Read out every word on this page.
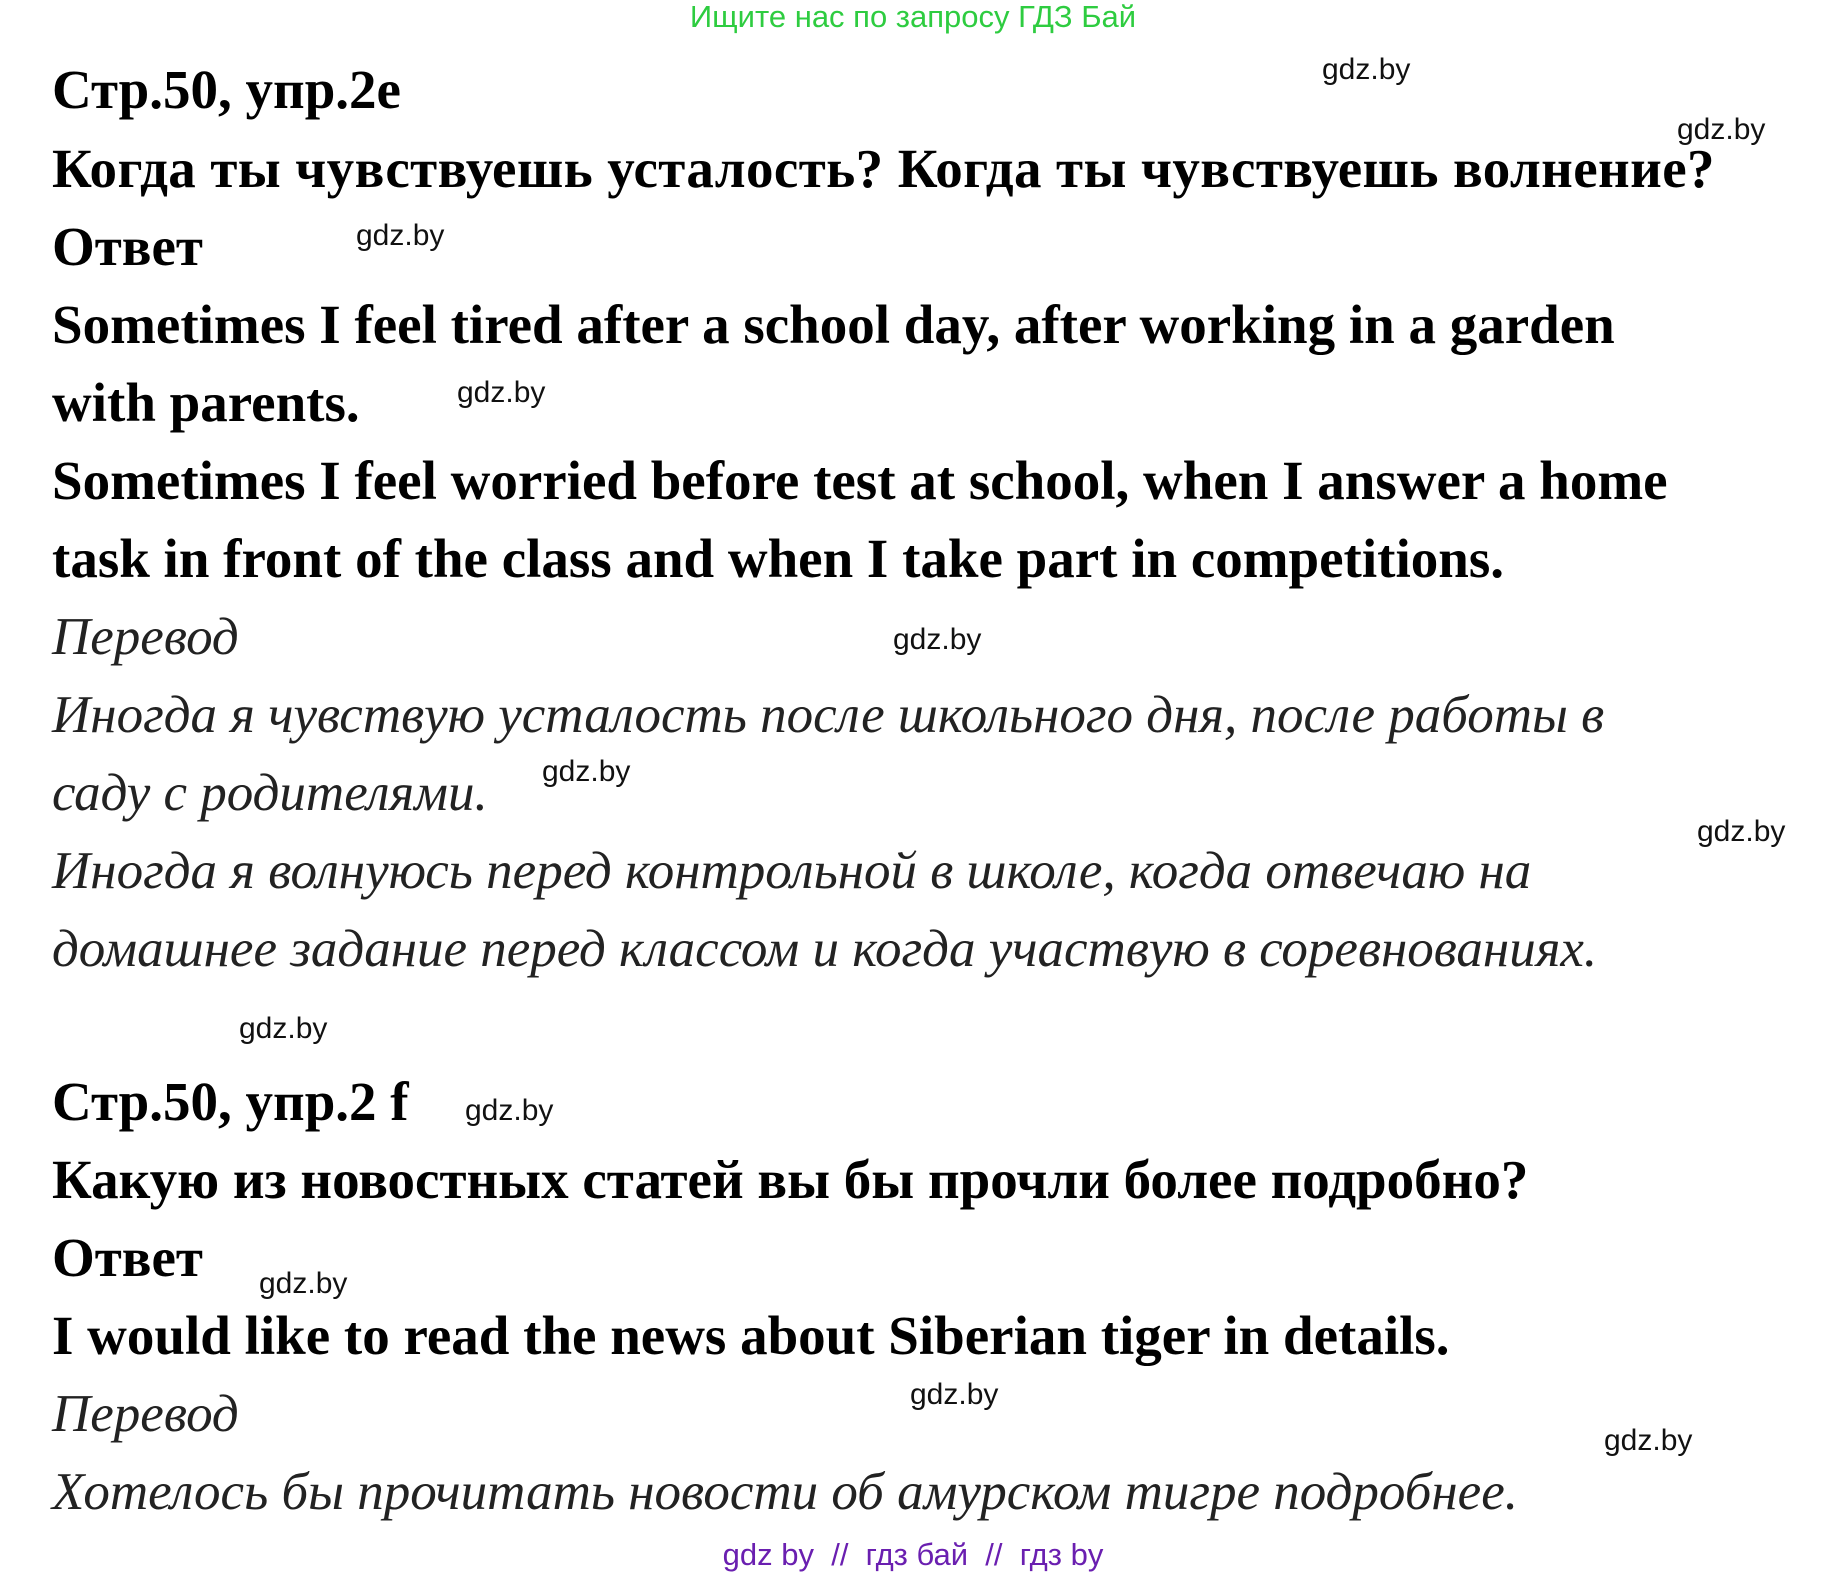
Ищите нас по запросу ГДЗ Бай
Стр.50, упр.2е
Когда ты чувствуешь усталость? Когда ты чувствуешь волнение?
Ответ
Sometimes I feel tired after a school day, after working in a garden
with parents.
Sometimes I feel worried before test at school, when I answer a home
task in front of the class and when I take part in competitions.
Перевод
Иногда я чувствую усталость после школьного дня, после работы в
саду с родителями.
Иногда я волнуюсь перед контрольной в школе, когда отвечаю на
домашнее задание перед классом и когда участвую в соревнованиях.
Стр.50, упр.2 f
Какую из новостных статей вы бы прочли более подробно?
Ответ
I would like to read the news about Siberian tiger in details.
Перевод
Хотелось бы прочитать новости об амурском тигре подробнее.
gdz.by
gdz.by
gdz.by
gdz.by
gdz.by
gdz.by
gdz.by
gdz.by
gdz.by
gdz.by
gdz.by
gdz.by
gdz by  //  гдз бай  //  гдз by
